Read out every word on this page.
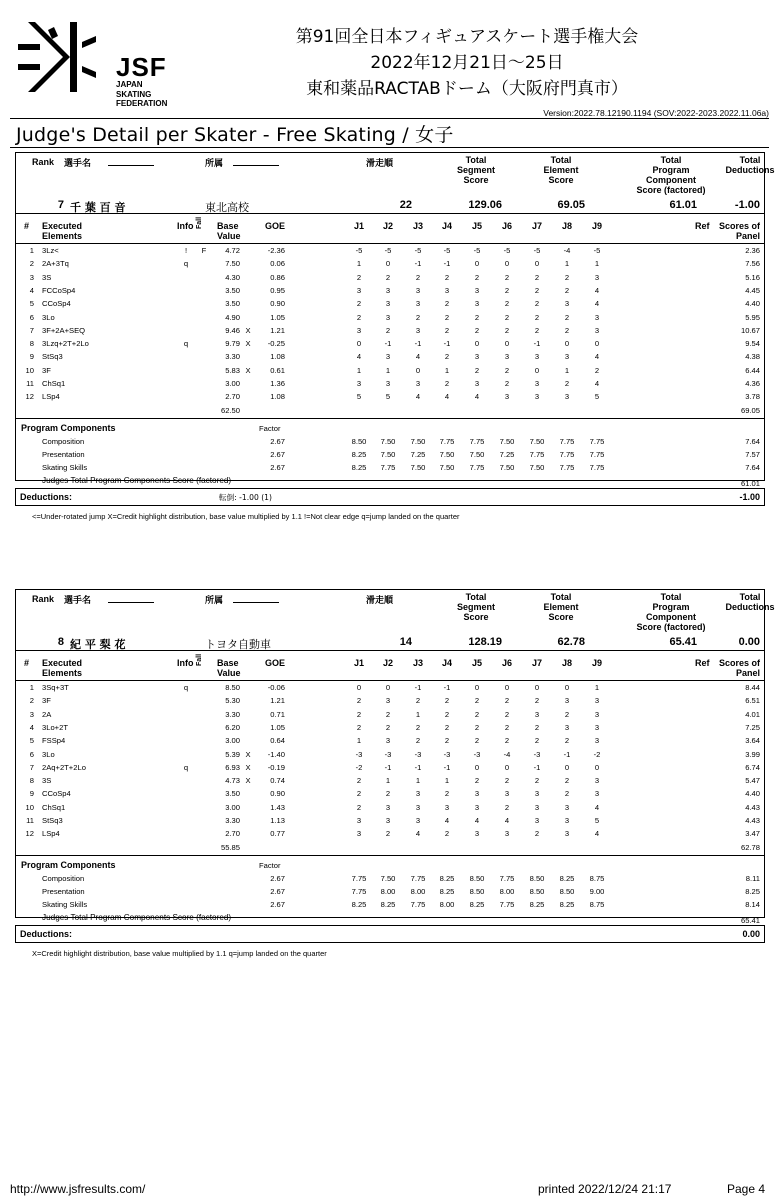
JSF
JAPAN
SKATING
FEDERATION
第91回全日本フィギュアスケート選手権大会
2022年12月21日～25日
東和薬品RACTABドーム（大阪府門真市）
Version:2022.78.12190.1194 (SOV:2022-2023.2022.11.06a)
Judge's Detail per Skater - Free Skating / 女子
Rank 選手名	所属	滑走順	Total
Segment
Score
Total
Element
Score
Total
Program
Component
Score (factored)
Total
Deductions
7 千 葉 百 音	東北高校	22	129.06	69.05	61.01	-1.00
# Executed
Elements
Info Fall Base
Value
GOE	J1	J2	J3	J4	J5	J6	J7	J8	J9	Ref	Scores of
Panel
1 3Lz<	!	F	4.72	-2.36	-5	-5	-5	-5	-5	-5	-5	-4	-5	2.36
2 2A+3Tq	q	7.50	0.06	1	0	-1	-1	0	0	0	1	1	7.56
3 3S	4.30	0.86	2	2	2	2	2	2	2	2	3	5.16
4 FCCoSp4	3.50	0.95	3	3	3	3	3	2	2	2	4	4.45
5 CCoSp4	3.50	0.90	2	3	3	2	3	2	2	3	4	4.40
6 3Lo	4.90	1.05	2	3	2	2	2	2	2	2	3	5.95
7 3F+2A+SEQ	9.46 X	1.21	3	2	3	2	2	2	2	2	3	10.67
8 3Lzq+2T+2Lo	q	9.79 X	-0.25	0	-1	-1	-1	0	0	-1	0	0	9.54
9 StSq3	3.30	1.08	4	3	4	2	3	3	3	3	4	4.38
10 3F	5.83 X	0.61	1	1	0	1	2	2	0	1	2	6.44
11 ChSq1	3.00	1.36	3	3	3	2	3	2	3	2	4	4.36
12 LSp4	2.70	1.08	5	5	4	4	4	3	3	3	5	3.78
62.50	69.05
Program Components	Factor
Composition	2.67	8.50	7.50	7.50	7.75	7.75	7.50	7.50	7.75	7.75	7.64
Presentation	2.67	8.25	7.50	7.25	7.50	7.50	7.25	7.75	7.75	7.75	7.57
Skating Skills	2.67	8.25	7.75	7.50	7.50	7.75	7.50	7.50	7.75	7.75	7.64
Judges Total Program Components Score (factored)	61.01
Deductions:	転倒: -1.00 (1)	-1.00
<=Under-rotated jump X=Credit highlight distribution, base value multiplied by 1.1 !=Not clear edge q=jump landed on the quarter
Rank 選手名	所属	滑走順	Total
Segment
Score
Total
Element
Score
Total
Program
Component
Score (factored)
Total
Deductions
8 紀 平 梨 花	トヨタ自動車	14	128.19	62.78	65.41	0.00
# Executed
Elements
Info Fall Base
Value
GOE	J1	J2	J3	J4	J5	J6	J7	J8	J9	Ref	Scores of
Panel
1 3Sq+3T	q	8.50	-0.06	0	0	-1	-1	0	0	0	0	1	8.44
2 3F	5.30	1.21	2	3	2	2	2	2	2	3	3	6.51
3 2A	3.30	0.71	2	2	1	2	2	2	3	2	3	4.01
4 3Lo+2T	6.20	1.05	2	2	2	2	2	2	2	3	3	7.25
5 FSSp4	3.00	0.64	1	3	2	2	2	2	2	2	3	3.64
6 3Lo	5.39 X	-1.40	-3	-3	-3	-3	-3	-4	-3	-1	-2	3.99
7 2Aq+2T+2Lo	q	6.93 X	-0.19	-2	-1	-1	-1	0	0	-1	0	0	6.74
8 3S	4.73 X	0.74	2	1	1	1	2	2	2	2	3	5.47
9 CCoSp4	3.50	0.90	2	2	3	2	3	3	3	2	3	4.40
10 ChSq1	3.00	1.43	2	3	3	3	3	2	3	3	4	4.43
11 StSq3	3.30	1.13	3	3	3	4	4	4	3	3	5	4.43
12 LSp4	2.70	0.77	3	2	4	2	3	3	2	3	4	3.47
55.85	62.78
Program Components	Factor
Composition	2.67	7.75	7.50	7.75	8.25	8.50	7.75	8.50	8.25	8.75	8.11
Presentation	2.67	7.75	8.00	8.00	8.25	8.50	8.00	8.50	8.50	9.00	8.25
Skating Skills	2.67	8.25	8.25	7.75	8.00	8.25	7.75	8.25	8.25	8.75	8.14
Judges Total Program Components Score (factored)	65.41
Deductions:	0.00
X=Credit highlight distribution, base value multiplied by 1.1 q=jump landed on the quarter
http://www.jsfresults.com/	printed 2022/12/24 21:17	Page 4
